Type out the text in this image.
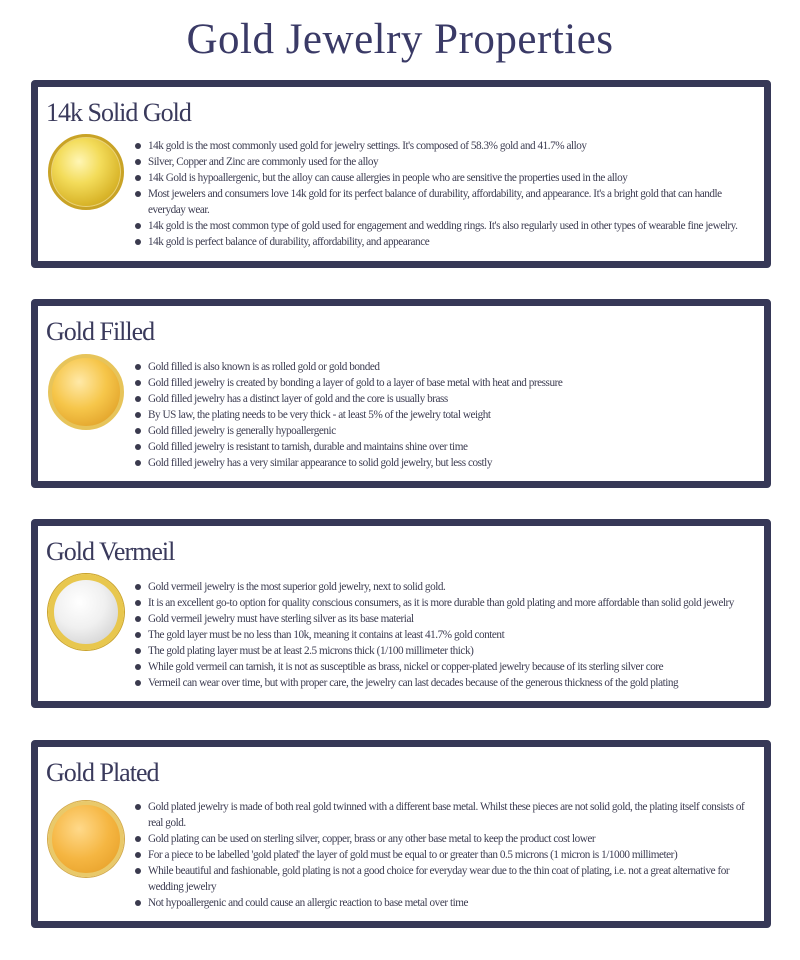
Gold Jewelry Properties
14k Solid Gold
14k gold is the most commonly used gold for jewelry settings. It's composed of 58.3% gold and 41.7% alloy
Silver, Copper and Zinc are commonly used for the alloy
14k Gold is hypoallergenic, but the alloy can cause allergies in people who are sensitive the properties used in the alloy
Most jewelers and consumers love 14k gold for its perfect balance of durability, affordability, and appearance. It's a bright gold that can handle everyday wear.
14k gold is the most common type of gold used for engagement and wedding rings. It's also regularly used in other types of wearable fine jewelry.
14k gold is perfect balance of durability, affordability, and appearance
Gold Filled
Gold filled is also known is as rolled gold or gold bonded
Gold filled jewelry is created by bonding a layer of gold to a layer of base metal with heat and pressure
Gold filled jewelry has a distinct layer of gold and the core is usually brass
By US law, the plating needs to be very thick - at least 5% of the jewelry total weight
Gold filled jewelry is generally hypoallergenic
Gold filled jewelry is resistant to tarnish, durable and maintains shine over time
Gold filled jewelry has a very similar appearance to solid gold jewelry, but less costly
Gold Vermeil
Gold vermeil jewelry is the most superior gold jewelry, next to solid gold.
It is an excellent go-to option for quality conscious consumers, as it is more durable than gold plating and more affordable than solid gold jewelry
Gold vermeil jewelry must have sterling silver as its base material
The gold layer must be no less than 10k, meaning it contains at least 41.7% gold content
The gold plating layer must be at least 2.5 microns thick (1/100 millimeter thick)
While gold vermeil can tarnish, it is not as susceptible as brass, nickel or copper-plated jewelry because of its sterling silver core
Vermeil can wear over time, but with proper care, the jewelry can last decades because of the generous thickness of the gold plating
Gold Plated
Gold plated jewelry is made of both real gold twinned with a different base metal. Whilst these pieces are not solid gold, the plating itself consists of real gold.
Gold plating can be used on sterling silver, copper, brass or any other base metal to keep the product cost lower
For a piece to be labelled 'gold plated' the layer of gold must be equal to or greater than 0.5 microns (1 micron is 1/1000 millimeter)
While beautiful and fashionable, gold plating is not a good choice for everyday wear due to the thin coat of plating, i.e. not a great alternative for wedding jewelry
Not hypoallergenic and could cause an allergic reaction to base metal over time
